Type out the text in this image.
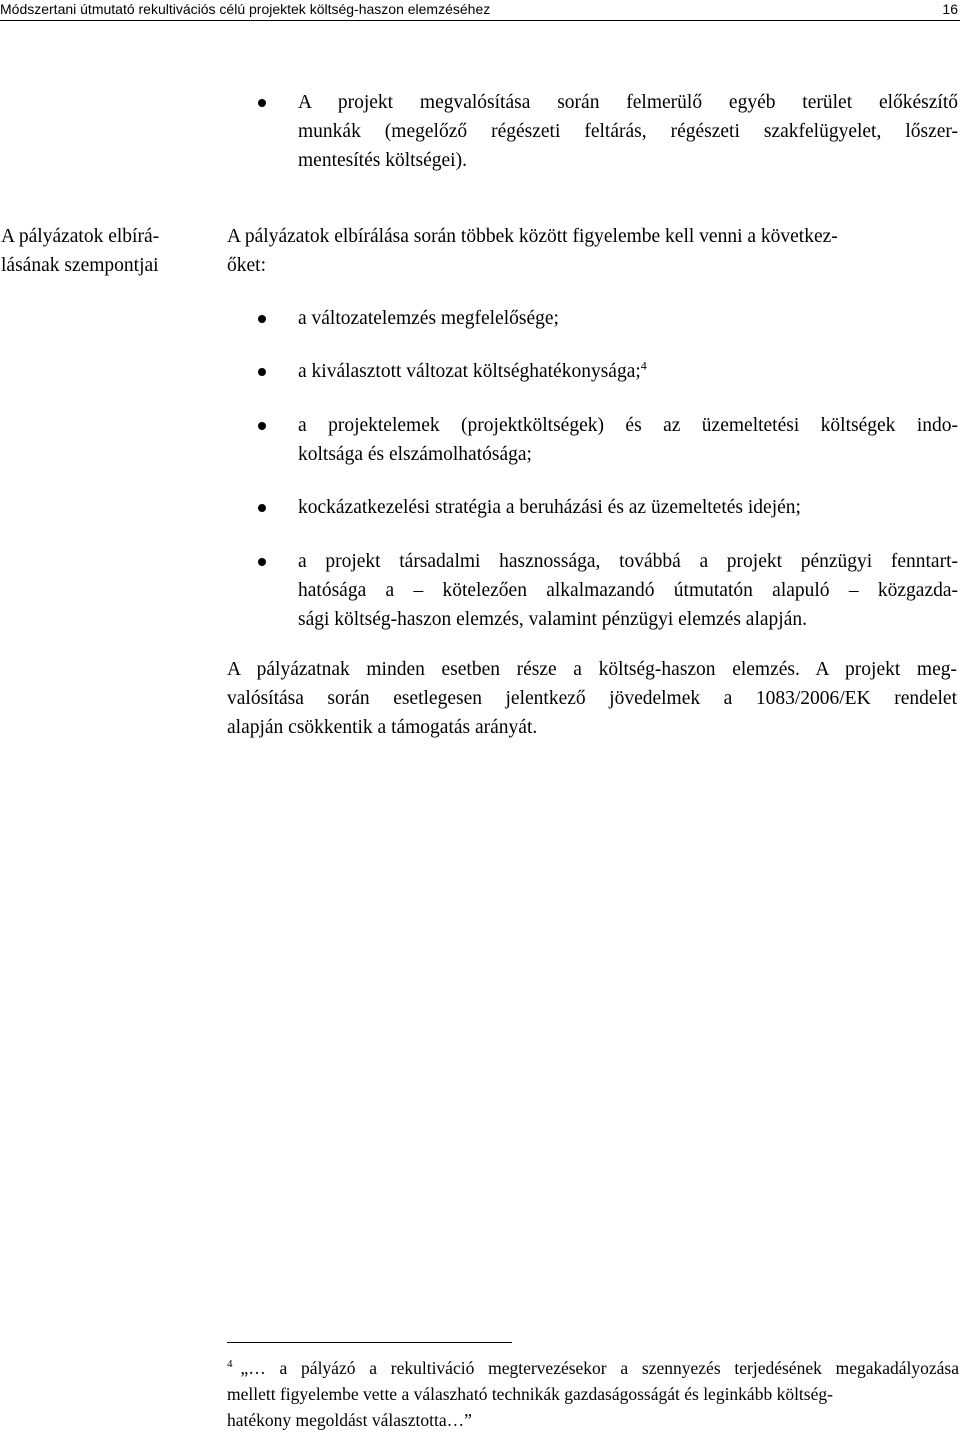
Módszertani útmutató rekultivációs célú projektek költség-haszon elemzéséhez	16
A projekt megvalósítása során felmerülő egyéb terület előkészítő
munkák (megelőző régészeti feltárás, régészeti szakfelügyelet, lőszer-
mentesítés költségei).
A pályázatok elbírá-
lásának szempontjai
A pályázatok elbírálása során többek között figyelembe kell venni a következ-
őket:
a változatelemzés megfelelősége;
a kiválasztott változat költséghatékonysága;$^4$
a projektelemek (projektköltségek) és az üzemeltetési költségek indo-
koltsága és elszámolhatósága;
kockázatkezelési stratégia a beruházási és az üzemeltetés idején;
a projekt társadalmi hasznossága, továbbá a projekt pénzügyi fenntart-
hatósága a – kötelezően alkalmazandó útmutatón alapuló – közgazda-
sági költség-haszon elemzés, valamint pénzügyi elemzés alapján.
A pályázatnak minden esetben része a költség-haszon elemzés. A projekt meg-
valósítása során esetlegesen jelentkező jövedelmek a 1083/2006/EK rendelet
alapján csökkentik a támogatás arányát.
$^4$ „… a pályázó a rekultiváció megtervezésekor a szennyezés terjedésének megakadályozása
mellett figyelembe vette a válaszható technikák gazdaságosságát és leginkább költség-
hatékony megoldást választotta…”
